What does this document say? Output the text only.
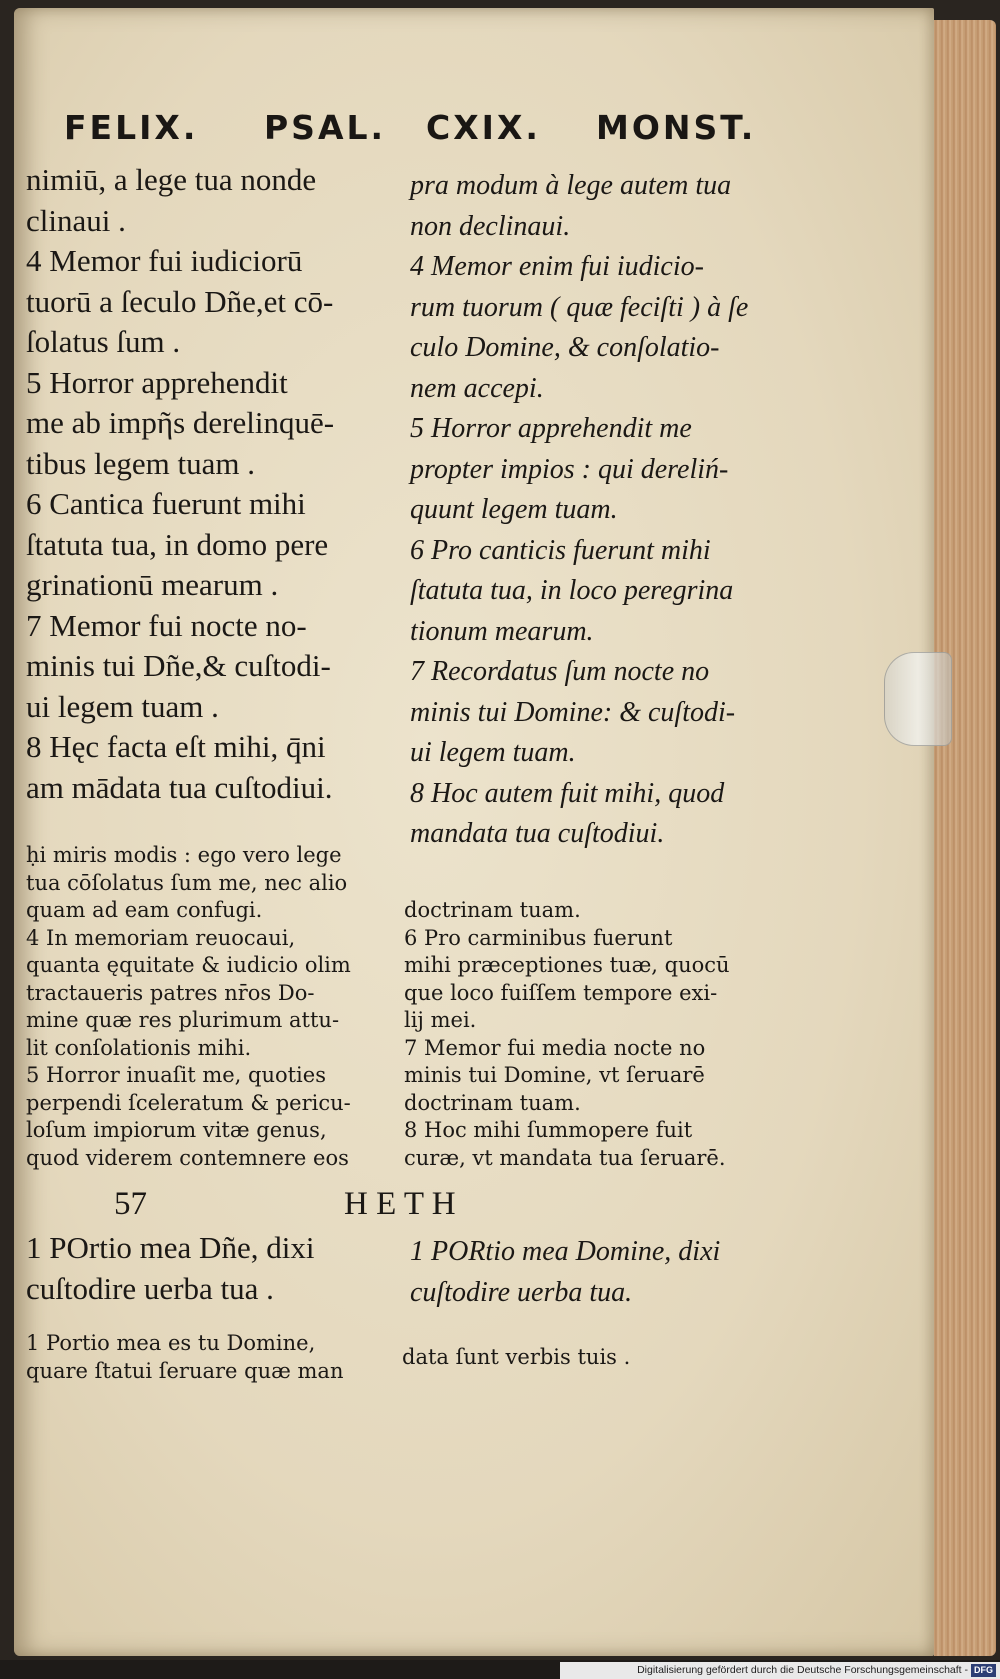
FELIX. PSAL. CXIX. MONST.
nimiū, a lege tua nonde
clinaui .
4 Memor fui iudiciorū
tuorū a ſeculo Dñe,et cō-
ſolatus ſum .
5 Horror apprehendit
me ab impῆs derelinquē-
tibus legem tuam .
6 Cantica fuerunt mihi
ſtatuta tua, in domo pere
grinationū mearum .
7 Memor fui nocte no-
minis tui Dñe,& cuſtodi-
ui legem tuam .
8 Hęc facta eſt mihi, q̄ni
am mādata tua cuſtodiui.
pra modum à lege autem tua
non declinaui.
4 Memor enim fui iudicio-
rum tuorum ( quæ feciſti ) à ſe
culo Domine, & conſolatio-
nem accepi.
5 Horror apprehendit me
propter impios : qui dereliń-
quunt legem tuam.
6 Pro canticis fuerunt mihi
ſtatuta tua, in loco peregrina
tionum mearum.
7 Recordatus ſum nocte no
minis tui Domine: & cuſtodi-
ui legem tuam.
8 Hoc autem fuit mihi, quod
mandata tua cuſtodiui.
ḥi miris modis : ego vero lege
tua cōſolatus ſum me, nec alio
quam ad eam confugi.
4 In memoriam reuocaui,
quanta ęquitate & iudicio olim
tractaueris patres nr̄os Do-
mine quæ res plurimum attu-
lit conſolationis mihi.
5 Horror inuaſit me, quoties
perpendi ſceleratum & pericu-
loſum impiorum vitæ genus,
quod viderem contemnere eos
doctrinam tuam.
6 Pro carminibus fuerunt
mihi præceptiones tuæ, quocū
que loco fuiſſem tempore exi-
lij mei.
7 Memor fui media nocte no
minis tui Domine, vt ſeruarē
doctrinam tuam.
8 Hoc mihi ſummopere fuit
curæ, vt mandata tua ſeruarē.
57	H E T H
1 POrtio mea Dñe, dixi
cuſtodire uerba tua .
1 PORtio mea Domine, dixi
cuſtodire uerba tua.
1 Portio mea es tu Domine,
quare ſtatui ſeruare quæ man
data ſunt verbis tuis .
Digitalisierung gefördert durch die Deutsche Forschungsgemeinschaft - DFG
